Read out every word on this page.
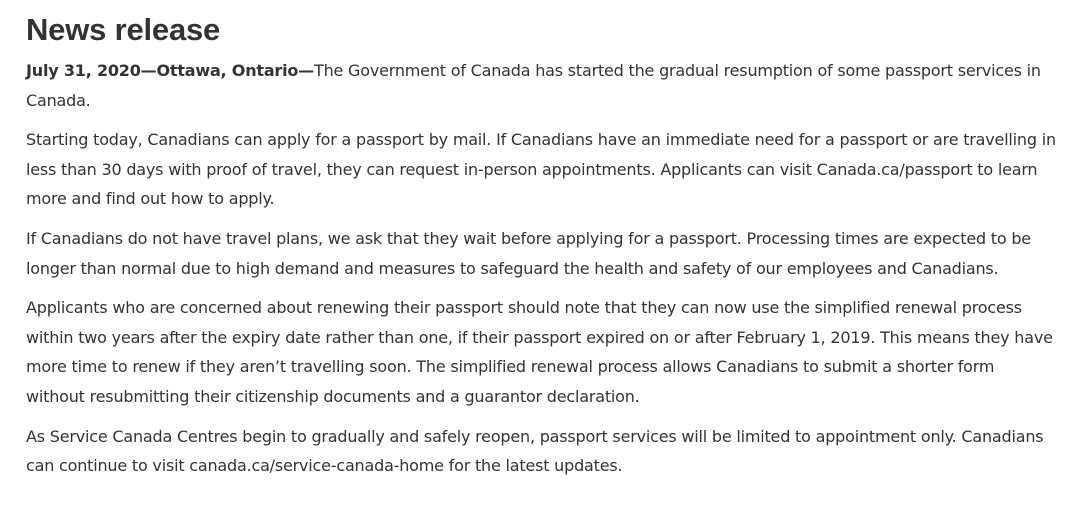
News release

July 31, 2020—Ottawa, Ontario—The Government of Canada has started the gradual resumption of some passport services in Canada.

Starting today, Canadians can apply for a passport by mail. If Canadians have an immediate need for a passport or are travelling in less than 30 days with proof of travel, they can request in-person appointments. Applicants can visit Canada.ca/passport to learn more and find out how to apply.

If Canadians do not have travel plans, we ask that they wait before applying for a passport. Processing times are expected to be longer than normal due to high demand and measures to safeguard the health and safety of our employees and Canadians.

Applicants who are concerned about renewing their passport should note that they can now use the simplified renewal process within two years after the expiry date rather than one, if their passport expired on or after February 1, 2019. This means they have more time to renew if they aren’t travelling soon. The simplified renewal process allows Canadians to submit a shorter form without resubmitting their citizenship documents and a guarantor declaration.

As Service Canada Centres begin to gradually and safely reopen, passport services will be limited to appointment only. Canadians can continue to visit canada.ca/service-canada-home for the latest updates.
